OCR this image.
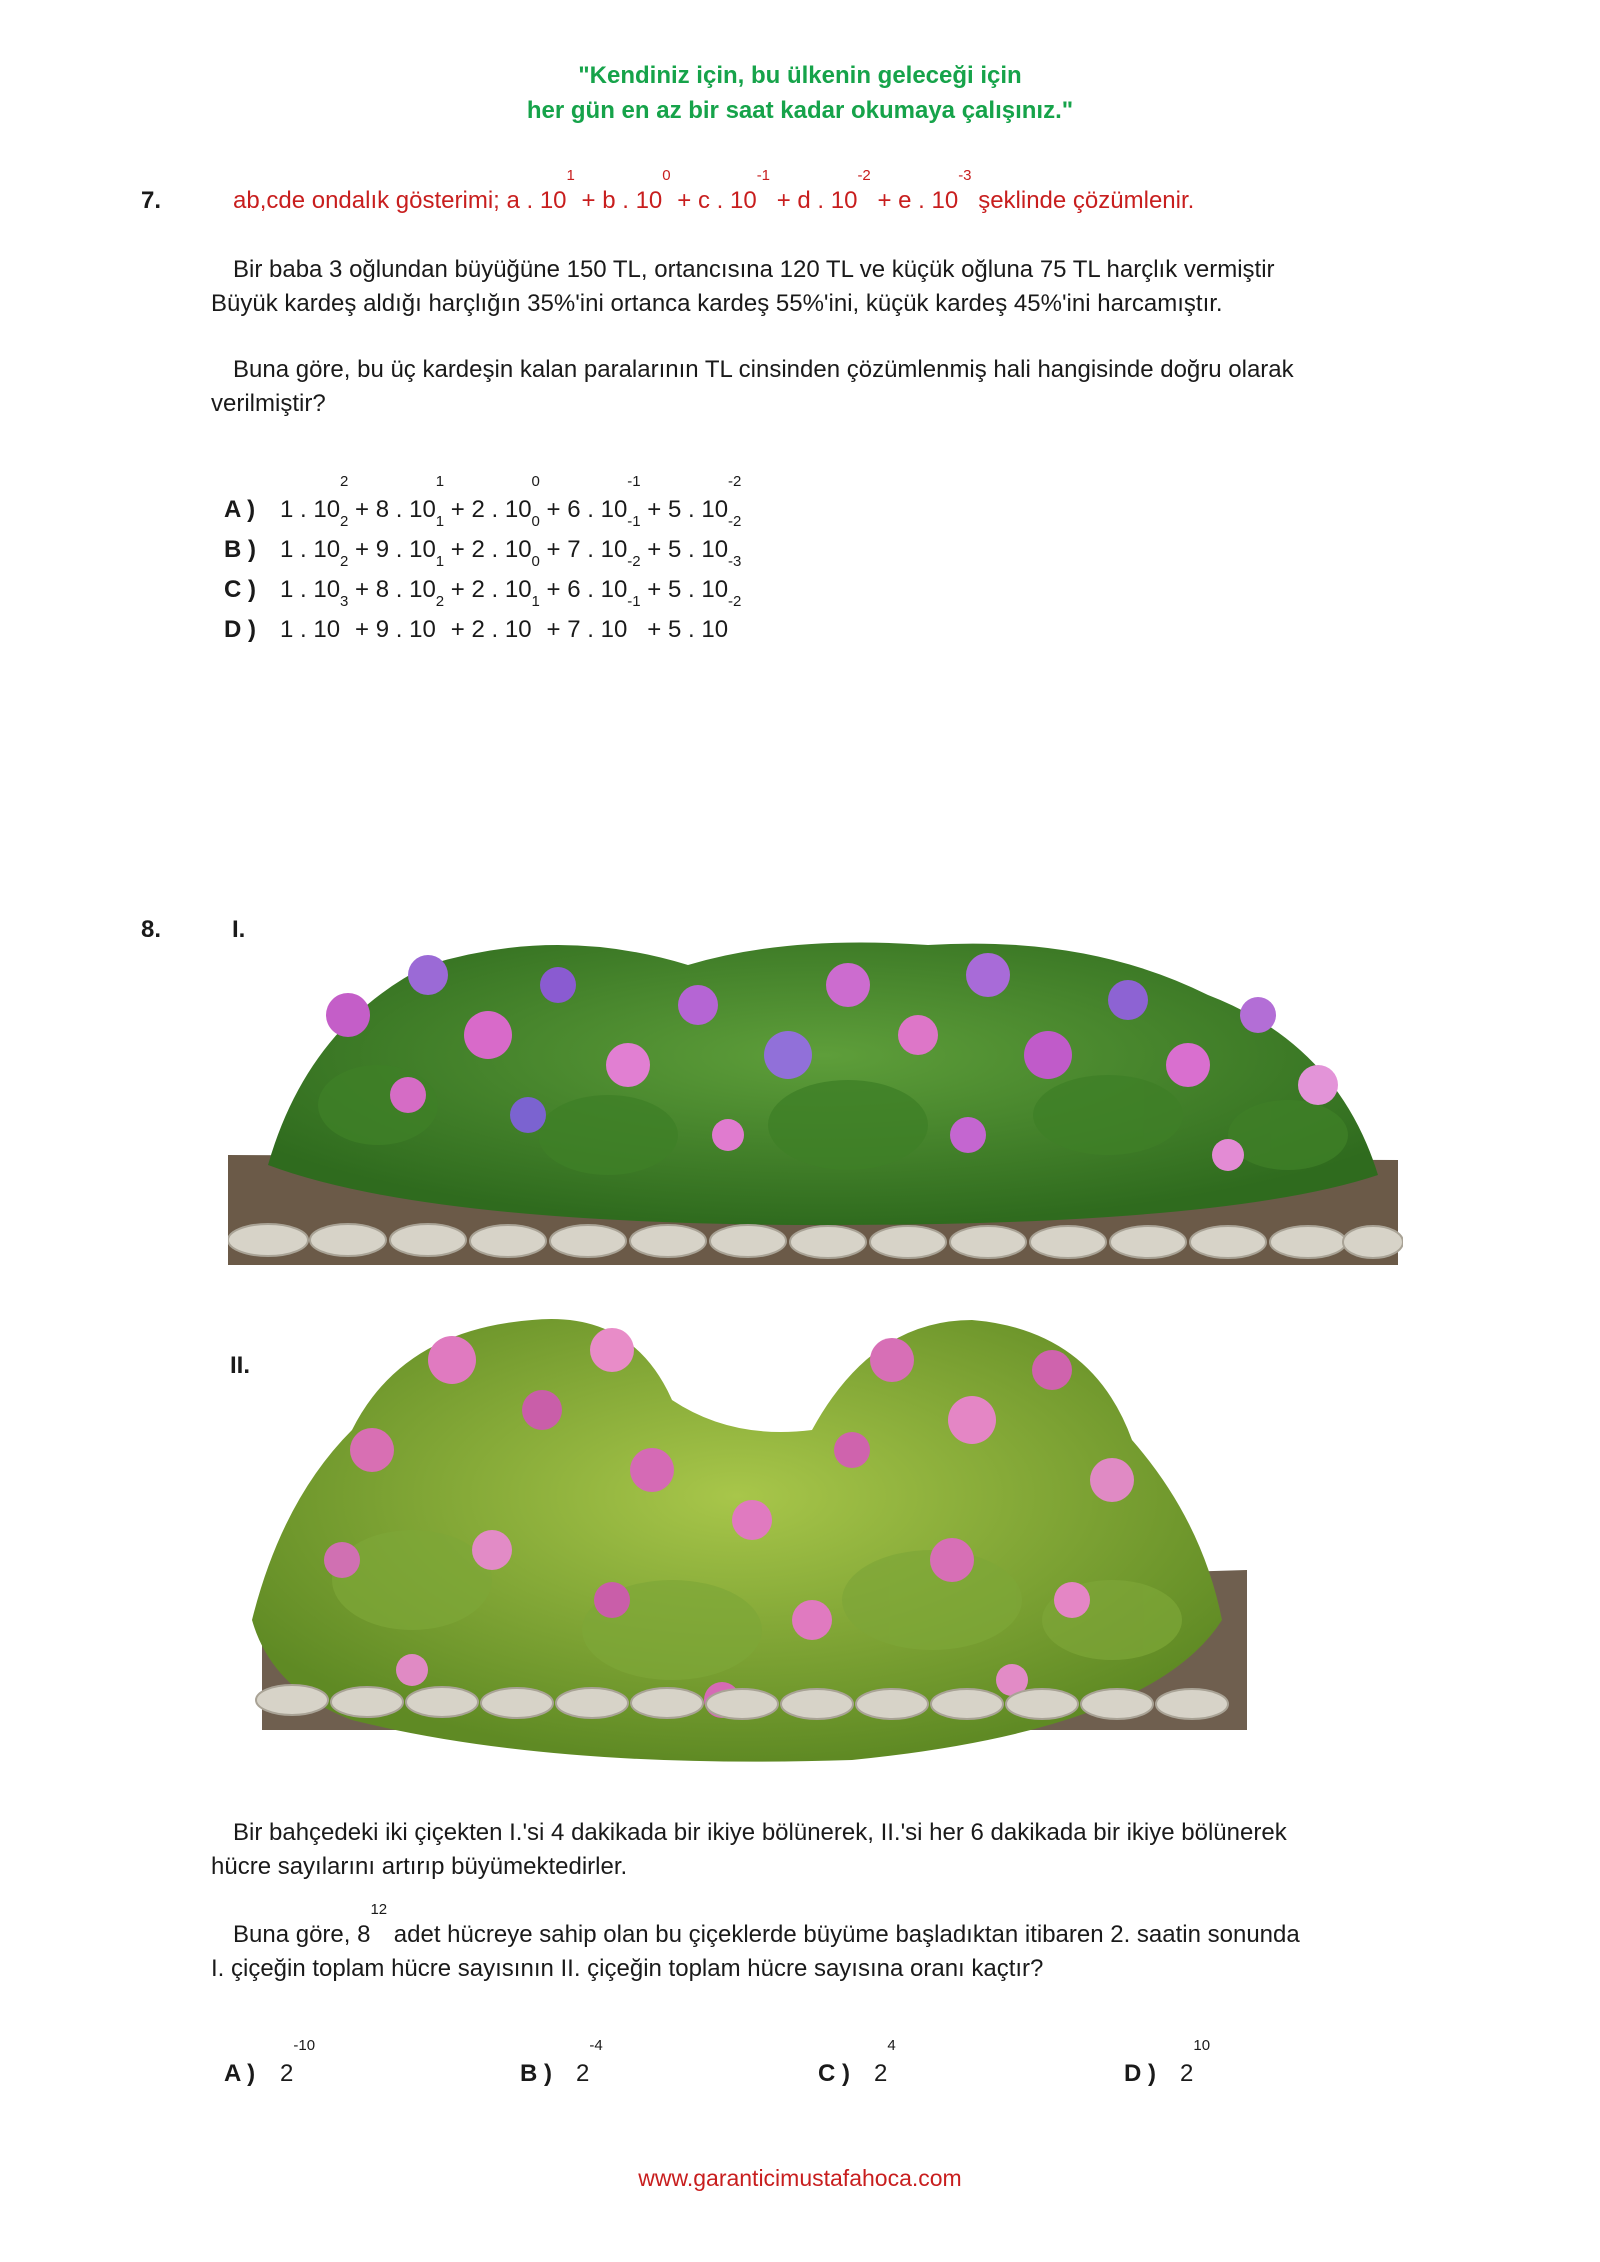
"Kendiniz için, bu ülkenin geleceği için
her gün en az bir saat kadar okumaya çalışınız."
7.	ab,cde ondalık gösterimi; a . $10^1 + b$ . $10^0 + c$ . $10^{-1} + d$ . $10^{-2} + e$ . $10^{-3}$ şeklinde çözümlenir.
Bir baba 3 oğlundan büyüğüne 150 TL, ortancısına 120 TL ve küçük oğluna 75 TL harçlık vermiştir
Büyük kardeş aldığı harçlığın 35%'ini ortanca kardeş 55%'ini, küçük kardeş 45%'ini harcamıştır.
Buna göre, bu üç kardeşin kalan paralarının TL cinsinden çözümlenmiş hali hangisinde doğru olarak
verilmiştir?
A ) 1 . $10^2 + 8$ . $10^1 + 2$ . $10^0 + 6$ . $10^{-1} + 5$ . $10^{-2}$
B ) 1 . $10^2 + 9$ . $10^1 + 2$ . $10^0 + 7$ . $10^{-1} + 5$ . $10^{-2}$
C ) 1 . $10^2 + 8$ . $10^1 + 2$ . $10^0 + 6$ . $10^{-2} + 5$ . $10^{-3}$
D ) 1 . $10^3 + 9$ . $10^2 + 2$ . $10^1 + 7$ . $10^{-1} + 5$ . $10^{-2}$
8.	I.
II.
Bir bahçedeki iki çiçekten I.'si 4 dakikada bir ikiye bölünerek, II.'si her 6 dakikada bir ikiye bölünerek
hücre sayılarını artırıp büyümektedirler.
Buna göre, $8^{12}$ adet hücreye sahip olan bu çiçeklerde büyüme başladıktan itibaren 2. saatin sonunda
I. çiçeğin toplam hücre sayısının II. çiçeğin toplam hücre sayısına oranı kaçtır?
A ) $2^{-10}$
B ) $2^{-4}$
C ) $2^4$
D ) $2^{10}$
www.garanticimustafahoca.com
